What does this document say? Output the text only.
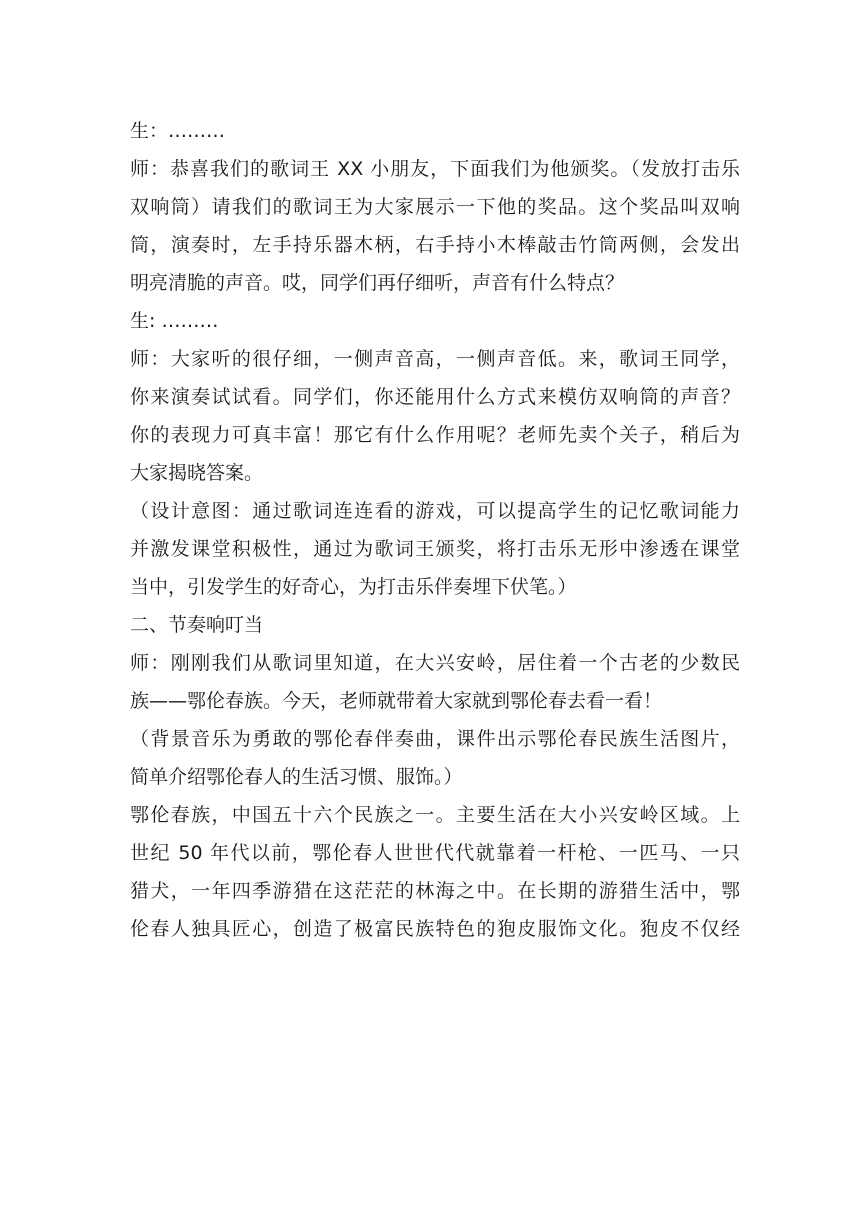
生：………

师：恭喜我们的歌词王 XX 小朋友，下面我们为他颁奖。（发放打击乐
双响筒）请我们的歌词王为大家展示一下他的奖品。这个奖品叫双响
筒，演奏时，左手持乐器木柄，右手持小木棒敲击竹筒两侧，会发出
明亮清脆的声音。哎，同学们再仔细听，声音有什么特点？

生: ………

师：大家听的很仔细，一侧声音高，一侧声音低。来，歌词王同学，
你来演奏试试看。同学们，你还能用什么方式来模仿双响筒的声音？
你的表现力可真丰富！那它有什么作用呢？老师先卖个关子，稍后为
大家揭晓答案。

（设计意图：通过歌词连连看的游戏，可以提高学生的记忆歌词能力
并激发课堂积极性，通过为歌词王颁奖，将打击乐无形中渗透在课堂
当中，引发学生的好奇心，为打击乐伴奏埋下伏笔。）

二、节奏响叮当

师：刚刚我们从歌词里知道，在大兴安岭，居住着一个古老的少数民
族——鄂伦春族。今天，老师就带着大家就到鄂伦春去看一看！

（背景音乐为勇敢的鄂伦春伴奏曲，课件出示鄂伦春民族生活图片，
简单介绍鄂伦春人的生活习惯、服饰。）

鄂伦春族，中国五十六个民族之一。主要生活在大小兴安岭区域。上
世纪 50 年代以前，鄂伦春人世世代代就靠着一杆枪、一匹马、一只
猎犬，一年四季游猎在这茫茫的林海之中。在长期的游猎生活中，鄂
伦春人独具匠心，创造了极富民族特色的狍皮服饰文化。狍皮不仅经
